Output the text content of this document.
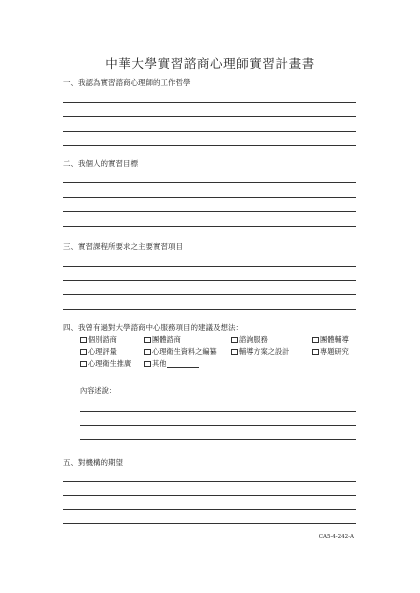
中華大學實習諮商心理師實習計畫書
一、我認為實習諮商心理師的工作哲學
二、我個人的實習目標
三、實習課程所要求之主要實習項目
四、我曾有過對大學諮商中心服務項目的建議及想法：
個別諮商	團體諮商	諮詢服務	團體輔導
心理評量	心理衛生資料之編纂	輔導方案之設計	專題研究
心理衛生推廣	其他
內容述說：
五、對機構的期望
CA5-4-242-A
